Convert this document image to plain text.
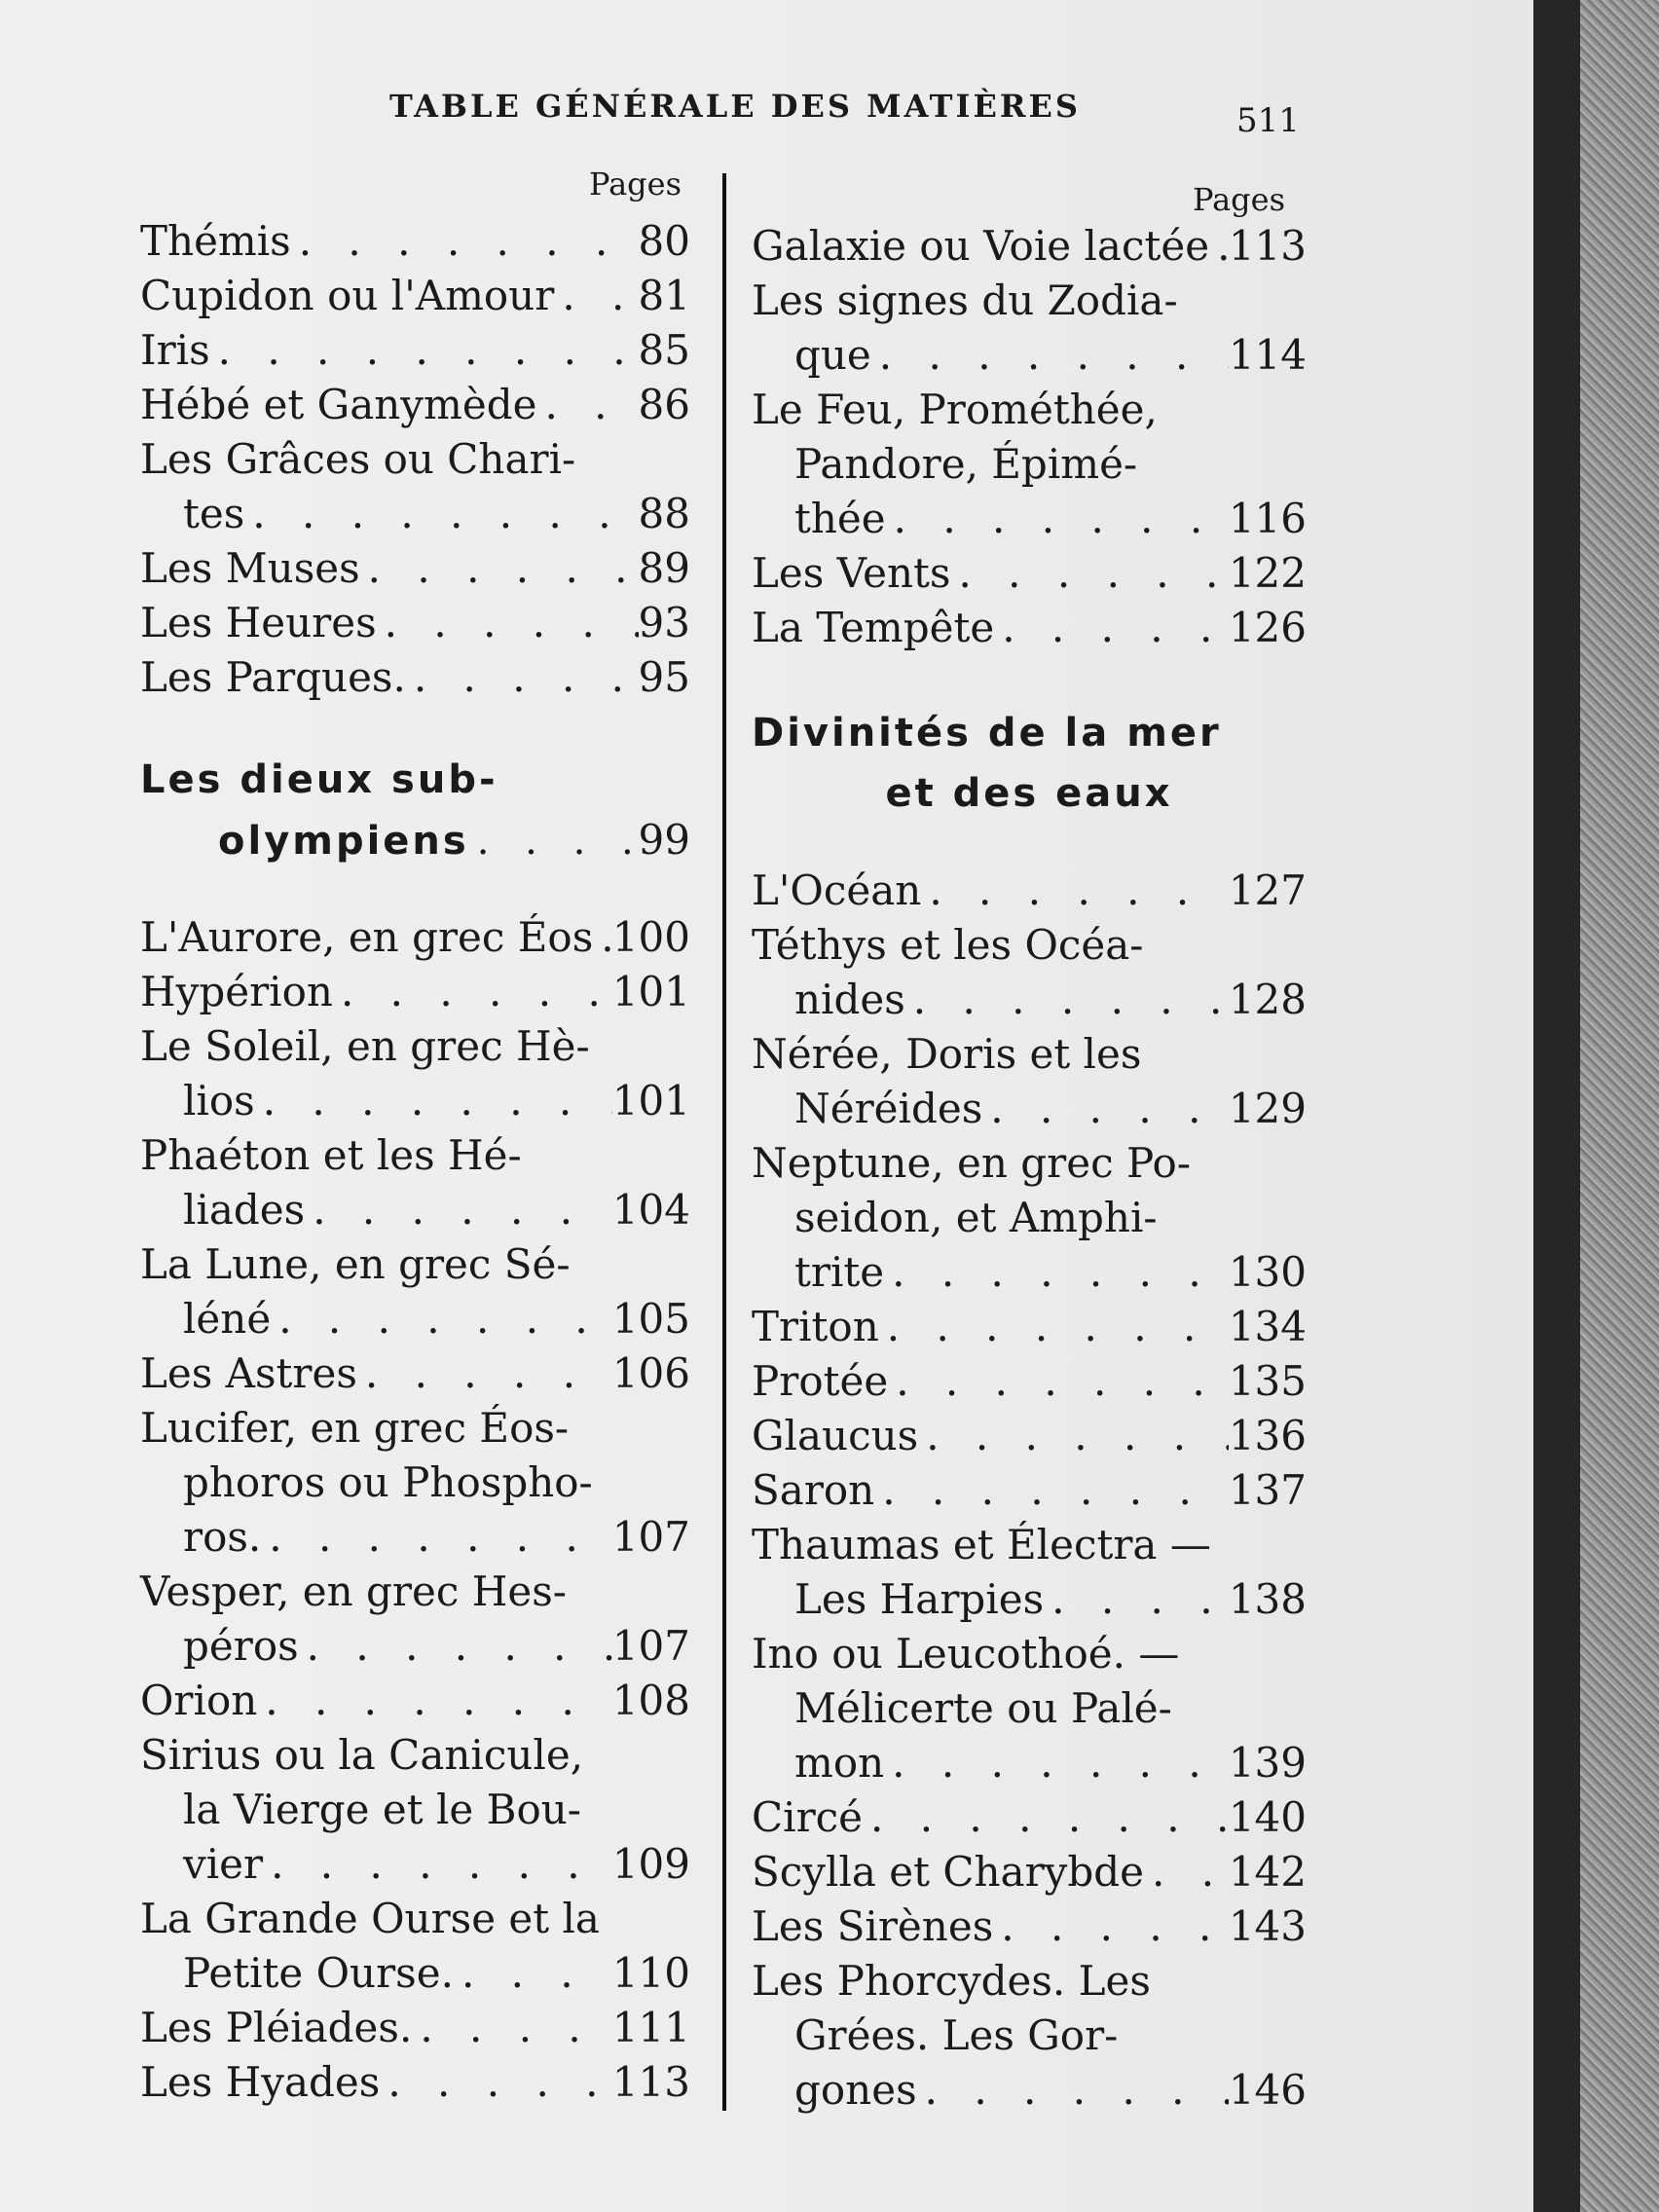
TABLE GÉNÉRALE DES MATIÈRES	511
Pages	Pages
Thémis . . .	80
Cupidon ou l'Amour . . . 81
Iris . . .	85
Hébé et Ganymède . . . 86
Les Grâces ou Chari-
tes . . .	88
Les Muses . . .	89
Les Heures . . .	93
Les Parques. . . .	95
Les dieux sub-
olympiens . . .	99
L'Aurore, en grec Éos . . . 100
Hypérion . . .	101
Le Soleil, en grec Hè-
lios . . .	101
Phaéton et les Hé-
liades . . .	104
La Lune, en grec Sé-
léné . . .	105
Les Astres . . .	106
Lucifer, en grec Éos-
phoros ou Phospho-
ros. . . .	107
Vesper, en grec Hes-
péros . . .	107
Orion . . .	108
Sirius ou la Canicule,
la Vierge et le Bou-
vier . . .	109
La Grande Ourse et la
Petite Ourse. . . .	110
Les Pléiades. . . .	111
Les Hyades . . .	113
Galaxie ou Voie lactée . . . 113
Les signes du Zodia-
que . . .	114
Le Feu, Prométhée,
Pandore, Épimé-
thée . . .	116
Les Vents . . .	122
La Tempête . . .	126
Divinités de la mer
et des eaux
L'Océan . . .	127
Téthys et les Océa-
nides . . .	128
Nérée, Doris et les
Néréides . . .	129
Neptune, en grec Po-
seidon, et Amphi-
trite . . .	130
Triton . . .	134
Protée . . .	135
Glaucus . . .	136
Saron . . .	137
Thaumas et Électra —
Les Harpies . . .	138
Ino ou Leucothoé. —
Mélicerte ou Palé-
mon . . .	139
Circé . . .	140
Scylla et Charybde . . . 142
Les Sirènes . . .	143
Les Phorcydes. Les
Grées. Les Gor-
gones . . .	146
